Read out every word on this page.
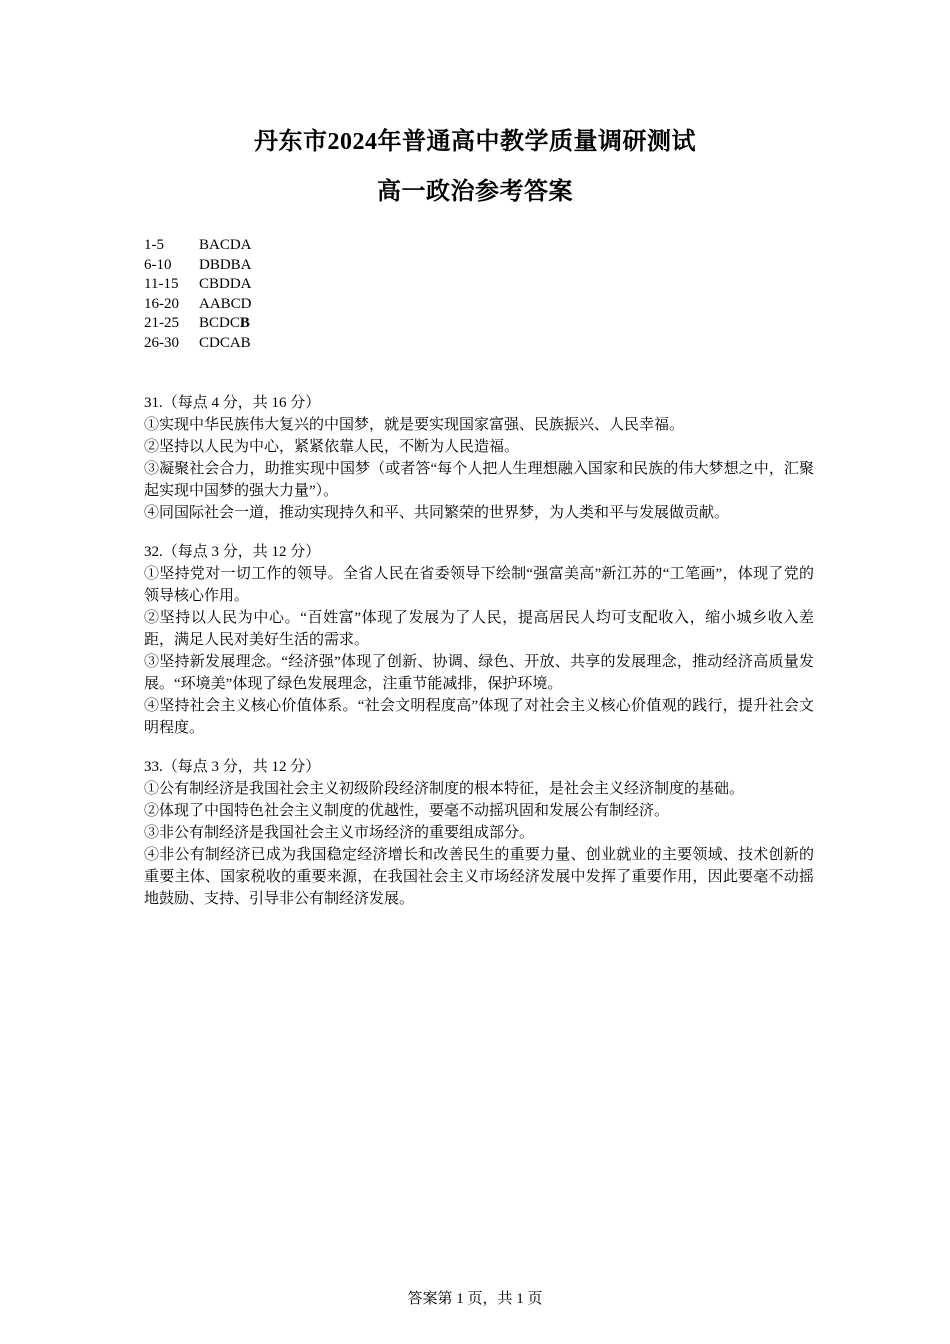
丹东市2024年普通高中教学质量调研测试
高一政治参考答案
1-5 BACDA
6-10 DBDBA
11-15 CBDDA
16-20 AABCD
21-25 BCDCB
26-30 CDCAB

31.（每点 4 分，共 16 分）

①实现中华民族伟大复兴的中国梦，就是要实现国家富强、民族振兴、人民幸福。

②坚持以人民为中心，紧紧依靠人民，不断为人民造福。

③凝聚社会合力，助推实现中国梦（或者答“每个人把人生理想融入国家和民族的伟大梦想之中，汇聚起实现中国梦的强大力量”）。

④同国际社会一道，推动实现持久和平、共同繁荣的世界梦，为人类和平与发展做贡献。

32.（每点 3 分，共 12 分）

①坚持党对一切工作的领导。全省人民在省委领导下绘制“强富美高”新江苏的“工笔画”，体现了党的领导核心作用。

②坚持以人民为中心。“百姓富”体现了发展为了人民，提高居民人均可支配收入，缩小城乡收入差距，满足人民对美好生活的需求。

③坚持新发展理念。“经济强”体现了创新、协调、绿色、开放、共享的发展理念，推动经济高质量发展。“环境美”体现了绿色发展理念，注重节能减排，保护环境。

④坚持社会主义核心价值体系。“社会文明程度高”体现了对社会主义核心价值观的践行，提升社会文明程度。

33.（每点 3 分，共 12 分）

①公有制经济是我国社会主义初级阶段经济制度的根本特征，是社会主义经济制度的基础。

②体现了中国特色社会主义制度的优越性，要毫不动摇巩固和发展公有制经济。

③非公有制经济是我国社会主义市场经济的重要组成部分。

④非公有制经济已成为我国稳定经济增长和改善民生的重要力量、创业就业的主要领域、技术创新的重要主体、国家税收的重要来源，在我国社会主义市场经济发展中发挥了重要作用，因此要毫不动摇地鼓励、支持、引导非公有制经济发展。

答案第 1 页，共 1 页
